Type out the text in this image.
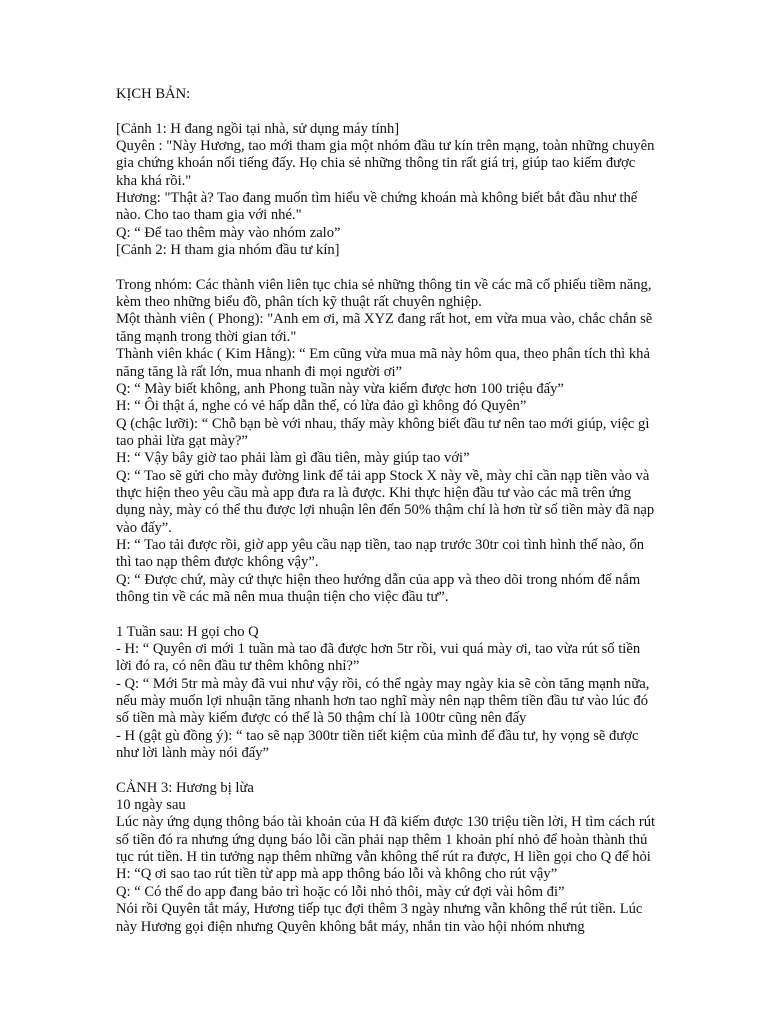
KỊCH BẢN:

[Cảnh 1: H đang ngồi tại nhà, sử dụng máy tính]

Quyên : "Này Hương, tao mới tham gia một nhóm đầu tư kín trên mạng, toàn những chuyên gia chứng khoán nổi tiếng đấy. Họ chia sẻ những thông tin rất giá trị, giúp tao kiếm được kha khá rồi."

Hương: "Thật à? Tao đang muốn tìm hiểu về chứng khoán mà không biết bắt đầu như thế nào. Cho tao tham gia với nhé."

Q: “ Để tao thêm mày vào nhóm zalo”

[Cảnh 2: H tham gia nhóm đầu tư kín]

Trong nhóm: Các thành viên liên tục chia sẻ những thông tin về các mã cổ phiếu tiềm năng, kèm theo những biểu đồ, phân tích kỹ thuật rất chuyên nghiệp.

Một thành viên ( Phong): "Anh em ơi, mã XYZ đang rất hot, em vừa mua vào, chắc chắn sẽ tăng mạnh trong thời gian tới."

Thành viên khác ( Kim Hằng): “ Em cũng vừa mua mã này hôm qua, theo phân tích thì khả năng tăng là rất lớn, mua nhanh đi mọi người ơi”

Q: “ Mày biết không, anh Phong tuần này vừa kiếm được hơn 100 triệu đấy”

H: “ Ôi thật á, nghe có vẻ hấp dẫn thế, có lừa đảo gì không đó Quyên”

Q (chậc lưỡi): “ Chỗ bạn bè với nhau, thấy mày không biết đầu tư nên tao mới giúp, việc gì tao phải lừa gạt mày?”

H: “ Vậy bây giờ tao phải làm gì đầu tiên, mày giúp tao với”

Q: “ Tao sẽ gửi cho mày đường link để tải app Stock X này về, mày chỉ cần nạp tiền vào và thực hiện theo yêu cầu mà app đưa ra là được. Khi thực hiện đầu tư vào các mã trên ứng dụng này, mày có thể thu được lợi nhuận lên đến 50% thậm chí là hơn từ số tiền mày đã nạp vào đấy”.

H: “ Tao tải được rồi, giờ app yêu cầu nạp tiền, tao nạp trước 30tr coi tình hình thế nào, ổn thì tao nạp thêm được không vậy”.

Q: “ Được chứ, mày cứ thực hiện theo hướng dẫn của app và theo dõi trong nhóm để nắm thông tin về các mã nên mua thuận tiện cho việc đầu tư”.

1 Tuần sau: H gọi cho Q

- H: “ Quyên ơi mới 1 tuần mà tao đã được hơn 5tr rồi, vui quá mày ơi, tao vừa rút số tiền lời đó ra, có nên đầu tư thêm không nhỉ?”

- Q: “ Mới 5tr mà mày đã vui như vậy rồi, có thể ngày may ngày kia sẽ còn tăng mạnh nữa, nếu mày muốn lợi nhuận tăng nhanh hơn tao nghĩ mày nên nạp thêm tiền đầu tư vào lúc đó số tiền mà mày kiếm được có thể là 50 thậm chí là 100tr cũng nên đấy

- H (gật gù đồng ý): “ tao sẽ nạp 300tr tiền tiết kiệm của mình để đầu tư, hy vọng sẽ được như lời lành mày nói đấy”

CẢNH 3: Hương bị lừa

10 ngày sau

Lúc này ứng dụng thông báo tài khoản của H đã kiếm được 130 triệu tiền lời, H tìm cách rút số tiền đó ra nhưng ứng dụng báo lỗi cần phải nạp thêm 1 khoản phí nhỏ để hoàn thành thủ tục rút tiền. H tin tưởng nạp thêm những vẫn không thể rút ra được, H liền gọi cho Q để hỏi

H: “Q ơi sao tao rút tiền từ app mà app thông báo lỗi và không cho rút vậy”

Q: “ Có thể do app đang bảo trì hoặc có lỗi nhỏ thôi, mày cứ đợi vài hôm đi”

Nói rồi Quyên tắt máy, Hương tiếp tục đợi thêm 3 ngày nhưng vẫn không thể rút tiền. Lúc này Hương gọi điện nhưng Quyên không bắt máy, nhắn tin vào hội nhóm nhưng
